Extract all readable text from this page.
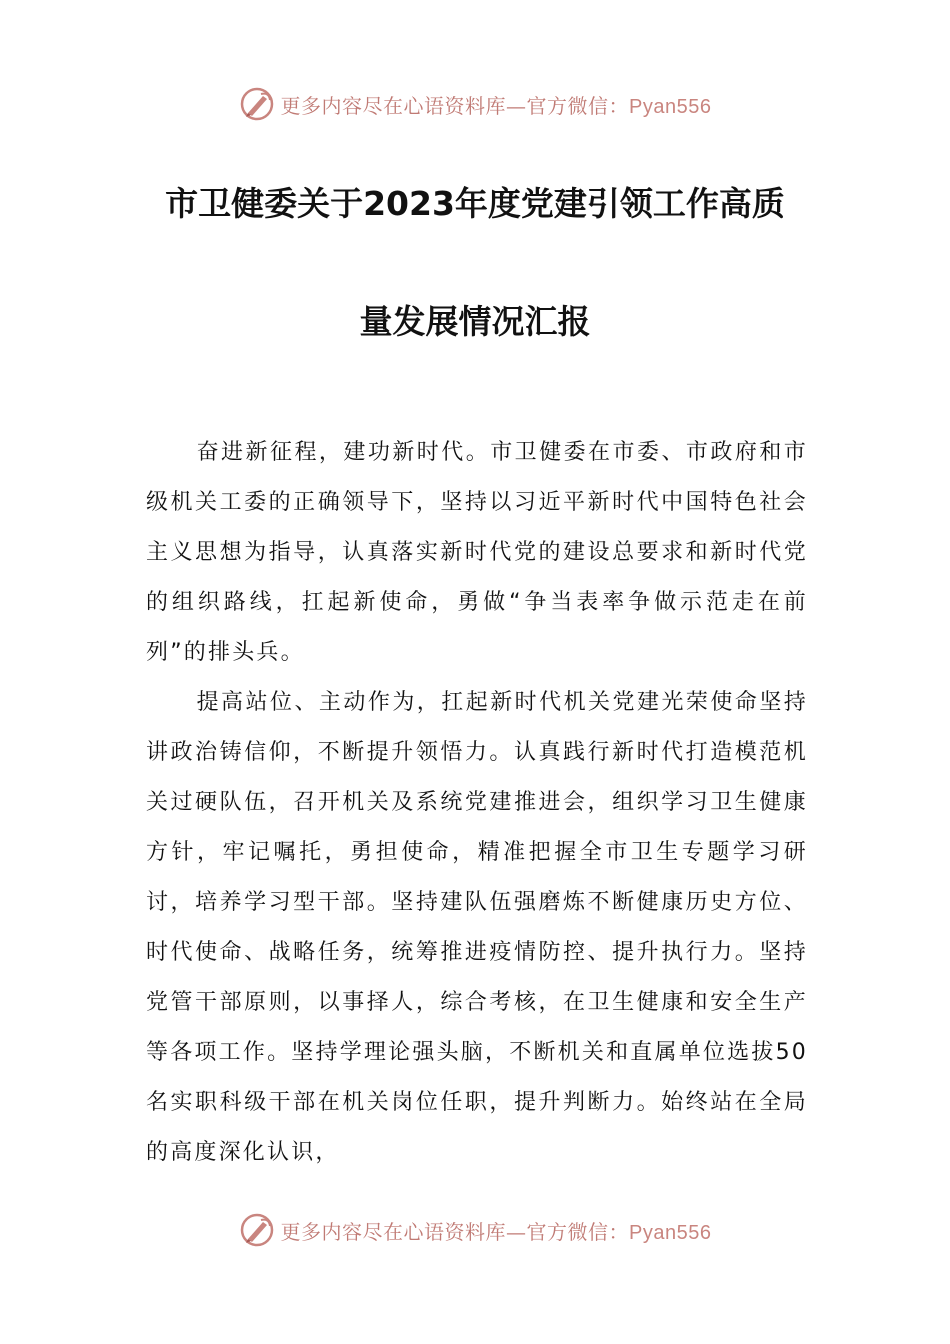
更多内容尽在心语资料库—官方微信：Pyan556
市卫健委关于2023年度党建引领工作高质
量发展情况汇报

奋进新征程，建功新时代。市卫健委在市委、市政府和市级机关工委的正确领导下，坚持以习近平新时代中国特色社会主义思想为指导，认真落实新时代党的建设总要求和新时代党的组织路线，扛起新使命，勇做“争当表率争做示范走在前列”的排头兵。

提高站位、主动作为，扛起新时代机关党建光荣使命坚持讲政治铸信仰，不断提升领悟力。认真践行新时代打造模范机关过硬队伍，召开机关及系统党建推进会，组织学习卫生健康方针，牢记嘱托，勇担使命，精准把握全市卫生专题学习研讨，培养学习型干部。坚持建队伍强磨炼不断健康历史方位、时代使命、战略任务，统筹推进疫情防控、提升执行力。坚持党管干部原则，以事择人，综合考核，在卫生健康和安全生产等各项工作。坚持学理论强头脑，不断机关和直属单位选拔50名实职科级干部在机关岗位任职，提升判断力。始终站在全局的高度深化认识，

更多内容尽在心语资料库—官方微信：Pyan556
